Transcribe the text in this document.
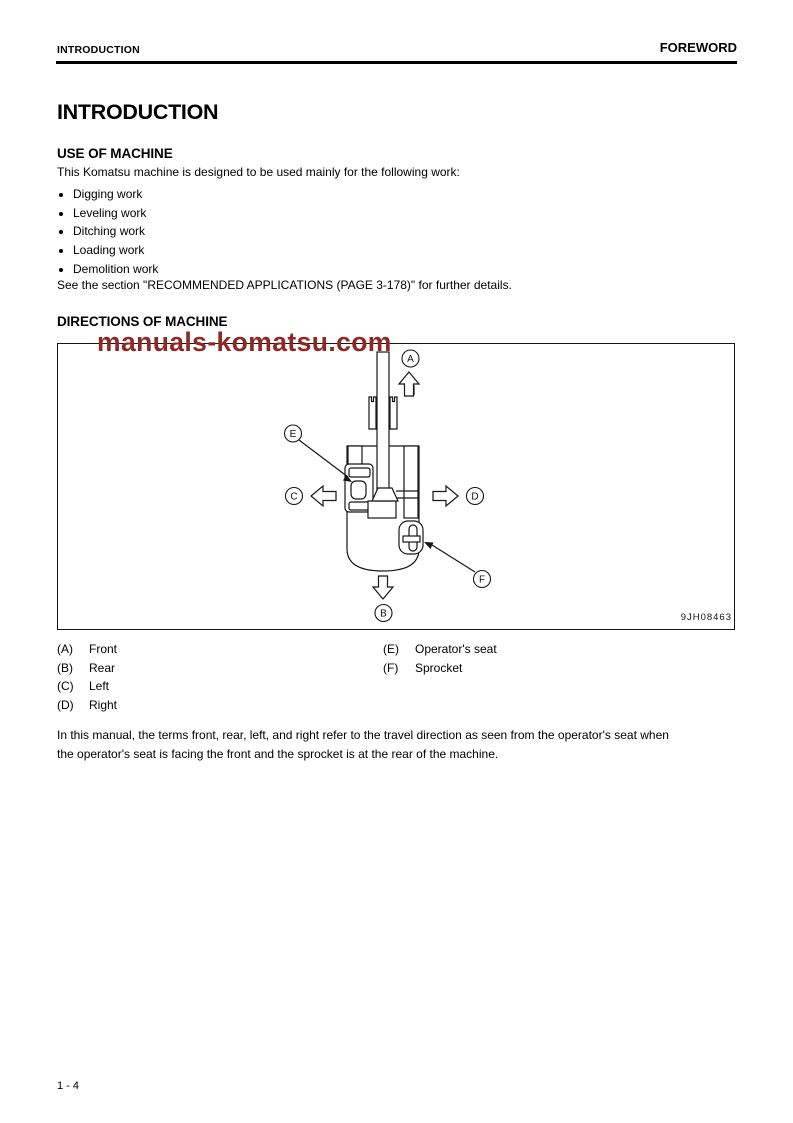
INTRODUCTION	FOREWORD
INTRODUCTION
USE OF MACHINE
This Komatsu machine is designed to be used mainly for the following work:
• Digging work
• Leveling work
• Ditching work
• Loading work
• Demolition work
See the section "RECOMMENDED APPLICATIONS (PAGE 3-178)" for further details.
DIRECTIONS OF MACHINE
manuals-komatsu.com
A
B
C	D
E
F
9JH08463
(A) Front
(B) Rear
(C) Left
(D) Right
(E) Operator's seat
(F) Sprocket
In this manual, the terms front, rear, left, and right refer to the travel direction as seen from the operator's seat when
the operator's seat is facing the front and the sprocket is at the rear of the machine.
1 - 4
